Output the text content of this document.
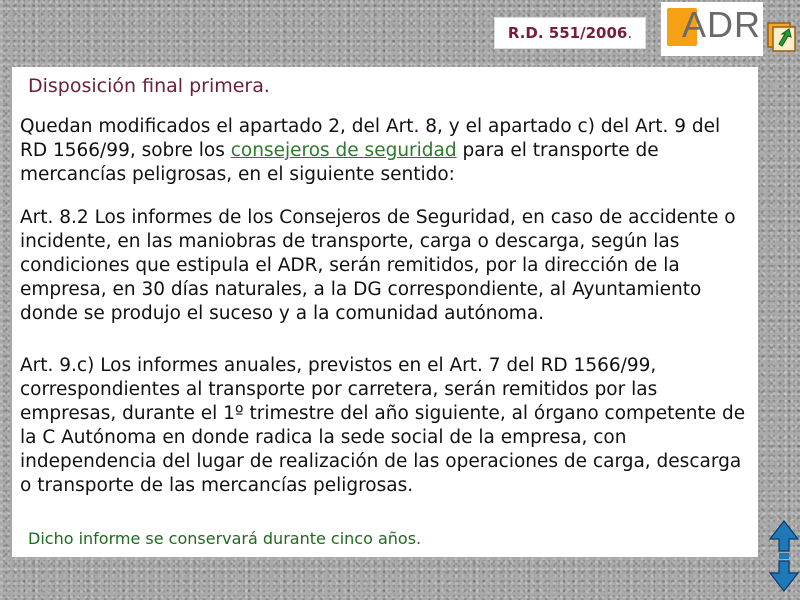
R.D. 551/2006 . ADR
Disposición final primera.

Quedan modificados el apartado 2, del Art. 8, y el apartado c) del Art. 9 del RD 1566/99, sobre los consejeros de seguridad para el transporte de mercancías peligrosas, en el siguiente sentido:

Art. 8.2 Los informes de los Consejeros de Seguridad, en caso de accidente o incidente, en las maniobras de transporte, carga o descarga, según las condiciones que estipula el ADR, serán remitidos, por la dirección de la empresa, en 30 días naturales, a la DG correspondiente, al Ayuntamiento donde se produjo el suceso y a la comunidad autónoma.

Art. 9.c) Los informes anuales, previstos en el Art. 7 del RD 1566/99, correspondientes al transporte por carretera, serán remitidos por las empresas, durante el 1º trimestre del año siguiente, al órgano competente de la C Autónoma en donde radica la sede social de la empresa, con independencia del lugar de realización de las operaciones de carga, descarga o transporte de las mercancías peligrosas.

Dicho informe se conservará durante cinco años.
